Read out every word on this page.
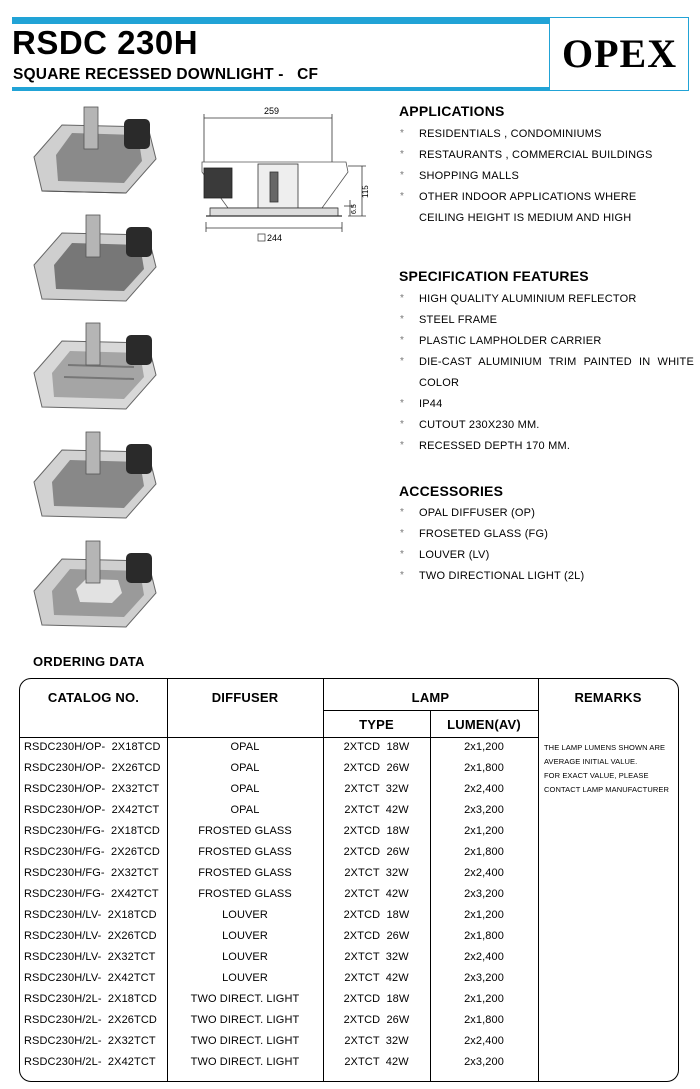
RSDC 230H
SQUARE RECESSED DOWNLIGHT -   CF	OPEX
259
115
6.5
244
APPLICATIONS
* RESIDENTIALS , CONDOMINIUMS
* RESTAURANTS , COMMERCIAL BUILDINGS
* SHOPPING MALLS
* OTHER INDOOR APPLICATIONS WHERE CEILING HEIGHT IS MEDIUM AND HIGH
SPECIFICATION FEATURES
* HIGH QUALITY ALUMINIUM REFLECTOR
* STEEL FRAME
* PLASTIC LAMPHOLDER CARRIER
* DIE-CAST ALUMINIUM TRIM PAINTED IN WHITE COLOR
* IP44
* CUTOUT 230X230 MM.
* RECESSED DEPTH 170 MM.
ACCESSORIES
* OPAL DIFFUSER (OP)
* FROSETED GLASS (FG)
* LOUVER (LV)
* TWO DIRECTIONAL LIGHT (2L)
ORDERING DATA
CATALOG NO.	DIFFUSER	LAMP
TYPE	LUMEN(AV)
REMARKS
THE LAMP LUMENS SHOWN ARE
AVERAGE INITIAL VALUE.
FOR EXACT VALUE, PLEASE
CONTACT LAMP MANUFACTURER
RSDC230H/OP-  2X18TCD	OPAL	2XTCD  18W	2x1,200
RSDC230H/OP-  2X26TCD	OPAL	2XTCD  26W	2x1,800
RSDC230H/OP-  2X32TCT	OPAL	2XTCT  32W	2x2,400
RSDC230H/OP-  2X42TCT	OPAL	2XTCT  42W	2x3,200
RSDC230H/FG-  2X18TCD	FROSTED GLASS	2XTCD  18W	2x1,200
RSDC230H/FG-  2X26TCD	FROSTED GLASS	2XTCD  26W	2x1,800
RSDC230H/FG-  2X32TCT	FROSTED GLASS	2XTCT  32W	2x2,400
RSDC230H/FG-  2X42TCT	FROSTED GLASS	2XTCT  42W	2x3,200
RSDC230H/LV-  2X18TCD	LOUVER	2XTCD  18W	2x1,200
RSDC230H/LV-  2X26TCD	LOUVER	2XTCD  26W	2x1,800
RSDC230H/LV-  2X32TCT	LOUVER	2XTCT  32W	2x2,400
RSDC230H/LV-  2X42TCT	LOUVER	2XTCT  42W	2x3,200
RSDC230H/2L-  2X18TCD	TWO DIRECT. LIGHT	2XTCD  18W	2x1,200
RSDC230H/2L-  2X26TCD	TWO DIRECT. LIGHT	2XTCD  26W	2x1,800
RSDC230H/2L-  2X32TCT	TWO DIRECT. LIGHT	2XTCT  32W	2x2,400
RSDC230H/2L-  2X42TCT	TWO DIRECT. LIGHT	2XTCT  42W	2x3,200
